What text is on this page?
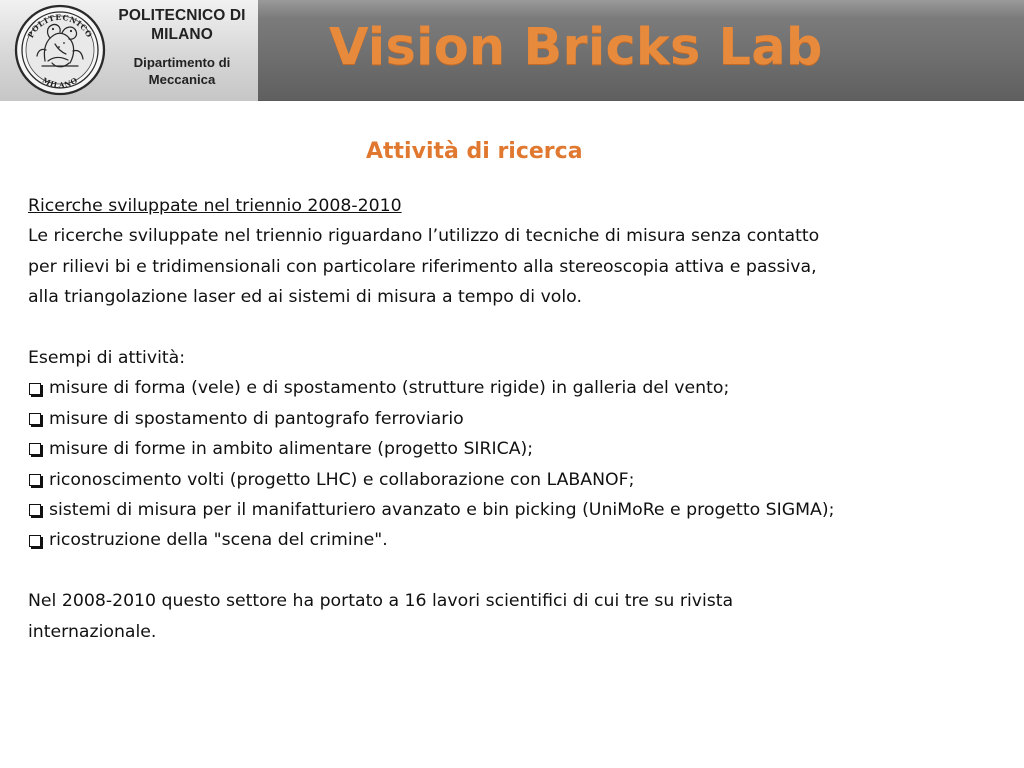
POLITECNICO
MILANO
POLITECNICO DI MILANO
Dipartimento di
Meccanica
Vision Bricks Lab
Attività di ricerca

Ricerche sviluppate nel triennio 2008-2010

Le ricerche sviluppate nel triennio riguardano l’utilizzo di tecniche di misura senza contatto

per rilievi bi e tridimensionali con particolare riferimento alla stereoscopia attiva e passiva,

alla triangolazione laser ed ai sistemi di misura a tempo di volo.

Esempi di attività:

misure di forma (vele) e di spostamento (strutture rigide) in galleria del vento;
misure di spostamento di pantografo ferroviario
misure di forme in ambito alimentare (progetto SIRICA);
riconoscimento volti (progetto LHC) e collaborazione con LABANOF;
sistemi di misura per il manifatturiero avanzato e bin picking (UniMoRe e progetto SIGMA);
ricostruzione della "scena del crimine".

Nel 2008-2010 questo settore ha portato a 16 lavori scientifici di cui tre su rivista

internazionale.
